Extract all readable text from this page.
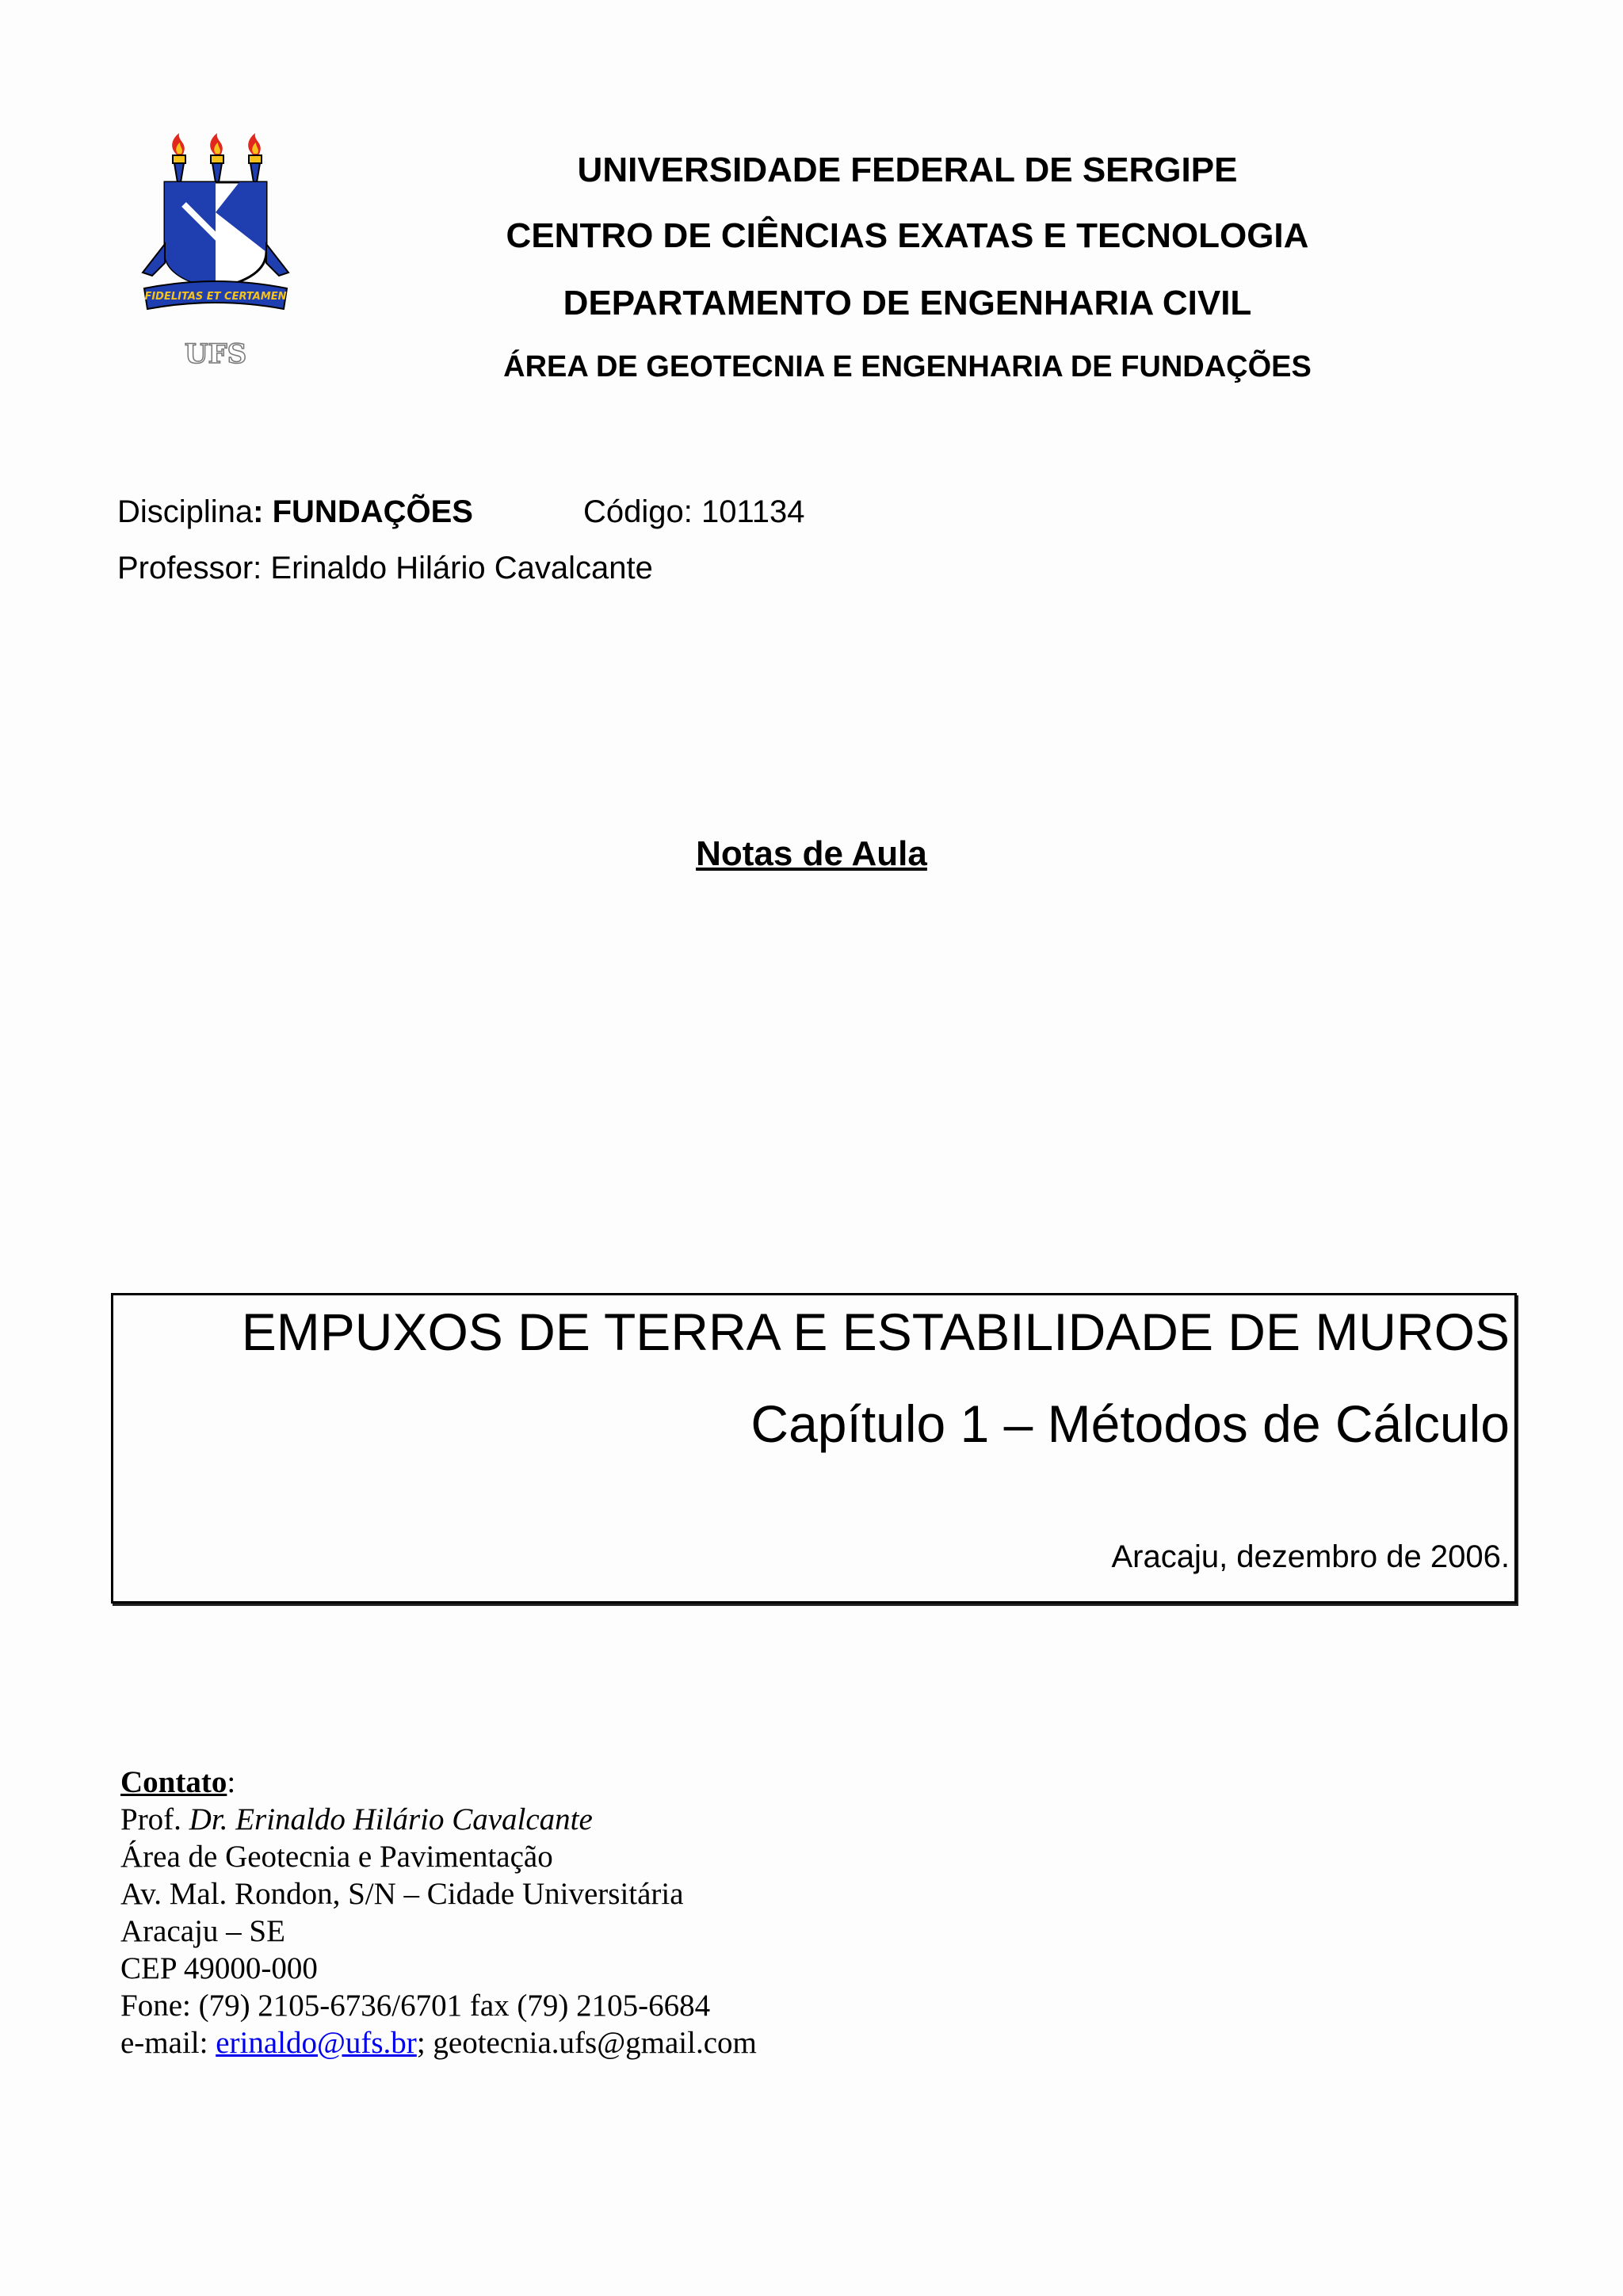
FIDELITAS ET CERTAMEN
UFS
UNIVERSIDADE FEDERAL DE SERGIPE
CENTRO DE CIÊNCIAS EXATAS E TECNOLOGIA
DEPARTAMENTO DE ENGENHARIA CIVIL
ÁREA DE GEOTECNIA E ENGENHARIA DE FUNDAÇÕES
Disciplina: FUNDAÇÕES	Código: 101134
Professor: Erinaldo Hilário Cavalcante
Notas de Aula
EMPUXOS DE TERRA E ESTABILIDADE DE MUROS
Capítulo 1 – Métodos de Cálculo
Aracaju, dezembro de 2006.
Contato:
Prof. Dr. Erinaldo Hilário Cavalcante
Área de Geotecnia e Pavimentação
Av. Mal. Rondon, S/N – Cidade Universitária
Aracaju – SE
CEP 49000-000
Fone: (79) 2105-6736/6701 fax (79) 2105-6684
e-mail: erinaldo@ufs.br; geotecnia.ufs@gmail.com
